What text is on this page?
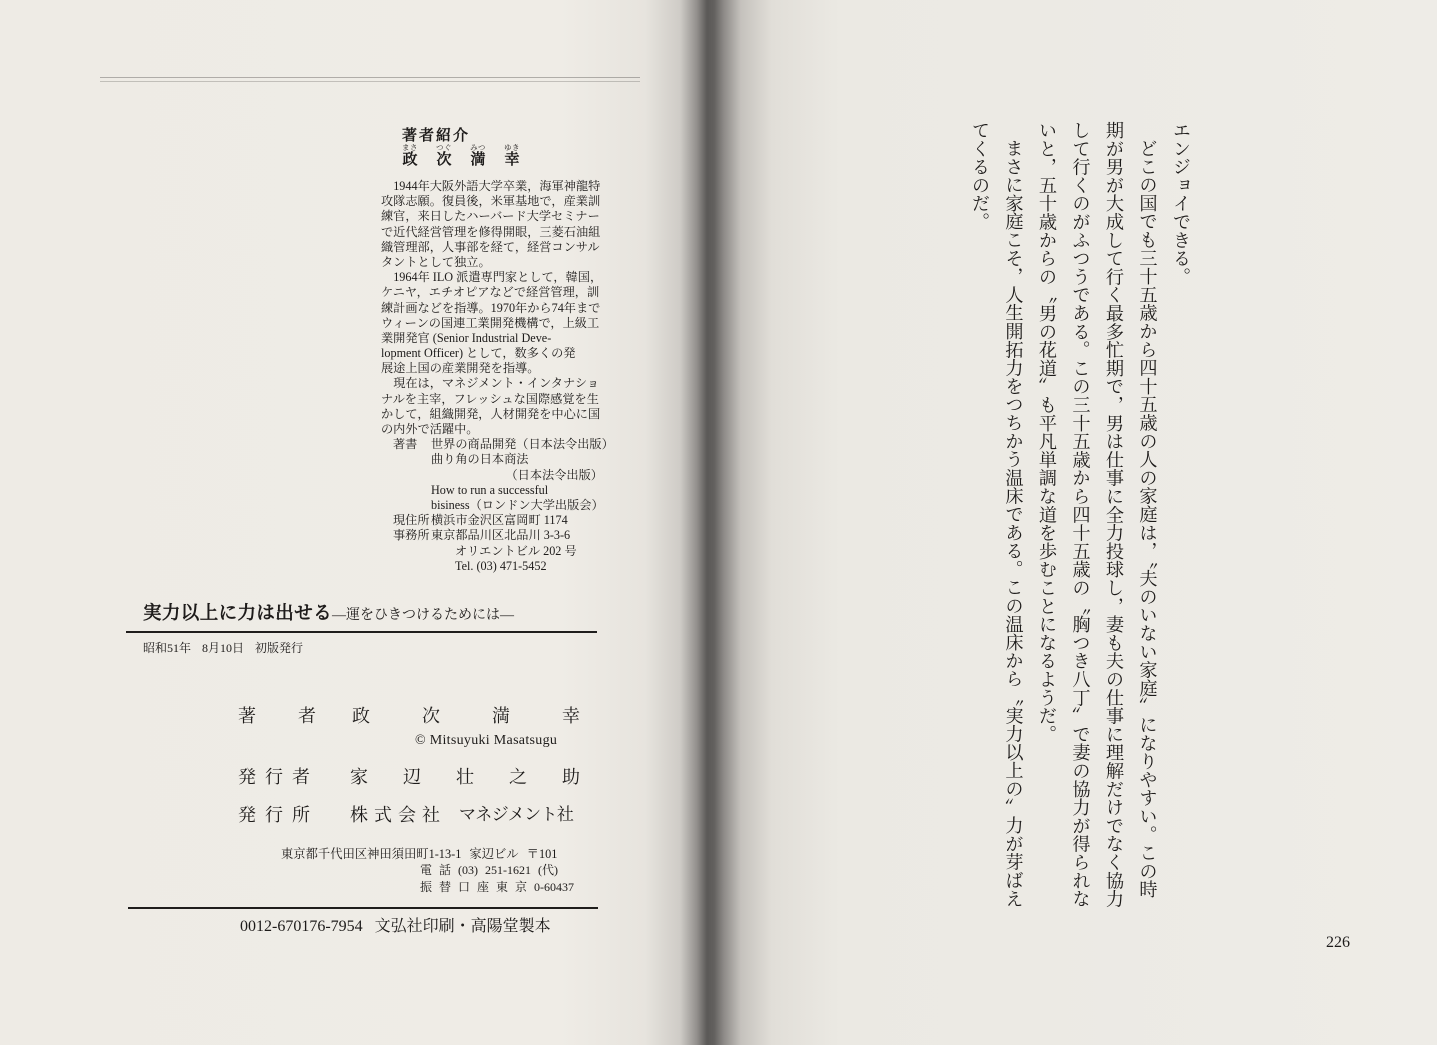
著者紹介
まさ
政
つぐ
次
みつ
満
ゆき
幸
1944年大阪外語大学卒業，海軍神龍特
攻隊志願。復員後，米軍基地で，産業訓
練官，来日したハーバード大学セミナー
で近代経営管理を修得開眼，三菱石油組
織管理部，人事部を経て，経営コンサル
タントとして独立。
1964年 ILO 派遣専門家として，韓国，
ケニヤ，エチオピアなどで経営管理，訓
練計画などを指導。1970年から74年まで
ウィーンの国連工業開発機構で，上級工
業開発官 (Senior Industrial Deve-
lopment Officer) として，数多くの発
展途上国の産業開発を指導。
現在は，マネジメント・インタナショ
ナルを主宰，フレッシュな国際感覚を生
かして，組織開発，人材開発を中心に国
の内外で活躍中。
著書 世界の商品開発（日本法令出版）
曲り角の日本商法
（日本法令出版）
How to run a successful
bisiness（ロンドン大学出版会）
現住所横浜市金沢区富岡町 1174
事務所東京都品川区北品川 3-3-6
オリエントビル 202 号
Tel. (03) 471-5452
実力以上に力は出せる—運をひきつけるためには—
昭和51年 8月10日 初版発行
著者
政次満幸
© Mitsuyuki Masatsugu
発行者 家辺壮之助
発行所 株式会社 マネジメント社
東京都千代田区神田須田町1-13-1 家辺ビル 〒101
電 話 (03) 251-1621 (代)
振 替 口 座 東 京 0-60437
0012-670176-7954 文弘社印刷・高陽堂製本
エンジョイできる。
どこの国でも三十五歳から四十五歳の人の家庭は，〝夫のいない家庭〟になりやすい。この時
期が男が大成して行く最多忙期で，男は仕事に全力投球し，妻も夫の仕事に理解だけでなく協力
して行くのがふつうである。この三十五歳から四十五歳の〝胸つき八丁〟で妻の協力が得られな
いと，五十歳からの〝男の花道〟も平凡単調な道を歩むことになるようだ。
まさに家庭こそ，人生開拓力をつちかう温床である。この温床から〝実力以上の〟力が芽ばえ
てくるのだ。
226
